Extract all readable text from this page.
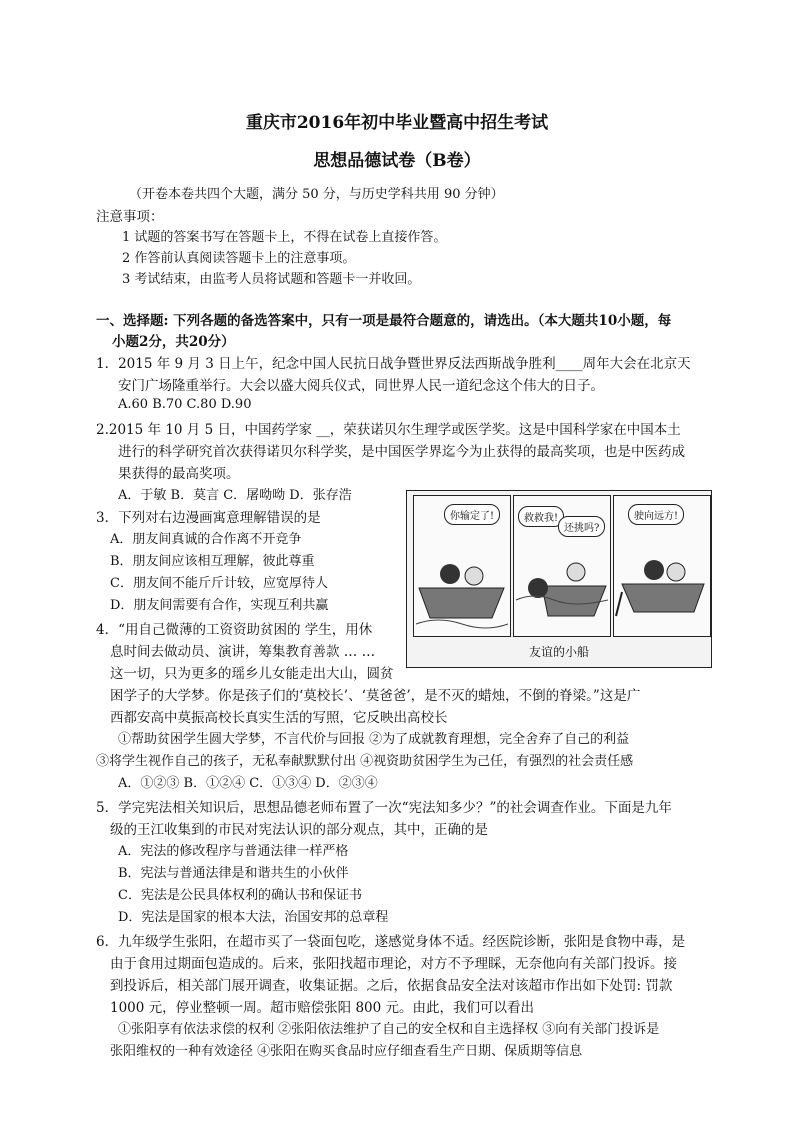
重庆市2016年初中毕业暨高中招生考试
思想品德试卷（B卷）
（开卷本卷共四个大题，满分 50 分，与历史学科共用 90 分钟）
注意事项：
1 试题的答案书写在答题卡上，不得在试卷上直接作答。
2 作答前认真阅读答题卡上的注意事项。
3 考试结束，由监考人员将试题和答题卡一并收回。
一、选择题: 下列各题的备选答案中，只有一项是最符合题意的，请选出。（本大题共10小题，每
小题2分，共20分）
1．2015 年 9 月 3 日上午，纪念中国人民抗日战争暨世界反法西斯战争胜利____周年大会在北京天
安门广场隆重举行。大会以盛大阅兵仪式，同世界人民一道纪念这个伟大的日子。
A.60 B.70 C.80 D.90
2.2015 年 10 月 5 日，中国药学家 __，荣获诺贝尔生理学或医学奖。这是中国科学家在中国本土
进行的科学研究首次获得诺贝尔科学奖，是中国医学界迄今为止获得的最高奖项，也是中医药成
果获得的最高奖项。
A．于敏 B．莫言 C．屠呦呦 D．张存浩
3．下列对右边漫画寓意理解错误的是
A．朋友间真诚的合作离不开竞争
B．朋友间应该相互理解，彼此尊重
C．朋友间不能斤斤计较，应宽厚待人
D．朋友间需要有合作，实现互利共赢
你输定了!	救救我!
还挑吗?
驶向远方!
友谊的小船
4．“用自己微薄的工资资助贫困的 学生，用休
息时间去做动员、演讲，筹集教育善款 … …
这一切，只为更多的瑶乡儿女能走出大山，圆贫
困学子的大学梦。你是孩子们的‘莫校长’、‘莫爸爸’，是不灭的蜡烛，不倒的脊梁。”这是广
西都安高中莫振高校长真实生活的写照，它反映出高校长
①帮助贫困学生圆大学梦，不言代价与回报 ②为了成就教育理想，完全舍弃了自己的利益
③将学生视作自己的孩子，无私奉献默默付出 ④视资助贫困学生为己任，有强烈的社会责任感
A．①②③ B．①②④ C．①③④ D．②③④
5．学完宪法相关知识后，思想品德老师布置了一次“宪法知多少？”的社会调查作业。下面是九年
级的王江收集到的市民对宪法认识的部分观点，其中，正确的是
A．宪法的修改程序与普通法律一样严格
B．宪法与普通法律是和谐共生的小伙伴
C．宪法是公民具体权利的确认书和保证书
D．宪法是国家的根本大法，治国安邦的总章程
6．九年级学生张阳，在超市买了一袋面包吃，遂感觉身体不适。经医院诊断，张阳是食物中毒，是
由于食用过期面包造成的。后来，张阳找超市理论，对方不予理睬，无奈他向有关部门投诉。接
到投诉后，相关部门展开调查，收集证据。之后，依据食品安全法对该超市作出如下处罚: 罚款
1000 元，停业整顿一周。超市赔偿张阳 800 元。由此，我们可以看出
①张阳享有依法求偿的权利 ②张阳依法维护了自己的安全权和自主选择权 ③向有关部门投诉是
张阳维权的一种有效途径 ④张阳在购买食品时应仔细查看生产日期、保质期等信息
